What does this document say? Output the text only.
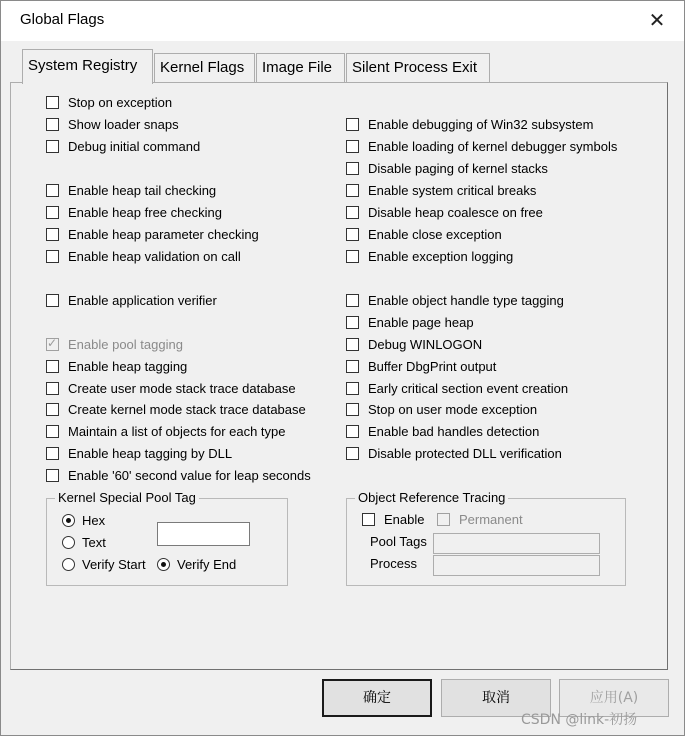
Global Flags	✕
System Registry	Kernel Flags	Image File	Silent Process Exit
Stop on exception
Show loader snaps
Debug initial command
Enable heap tail checking
Enable heap free checking
Enable heap parameter checking
Enable heap validation on call
Enable application verifier
✓ Enable pool tagging
Enable heap tagging
Create user mode stack trace database
Create kernel mode stack trace database
Maintain a list of objects for each type
Enable heap tagging by DLL
Enable '60' second value for leap seconds
Enable debugging of Win32 subsystem
Enable loading of kernel debugger symbols
Disable paging of kernel stacks
Enable system critical breaks
Disable heap coalesce on free
Enable close exception
Enable exception logging
Enable object handle type tagging
Enable page heap
Debug WINLOGON
Buffer DbgPrint output
Early critical section event creation
Stop on user mode exception
Enable bad handles detection
Disable protected DLL verification
Kernel Special Pool Tag
Hex
Text
Verify Start Verify End
Object Reference Tracing
Enable	Permanent
Pool Tags
Process
确定	取消	应用(A)
CSDN @link-初扬
